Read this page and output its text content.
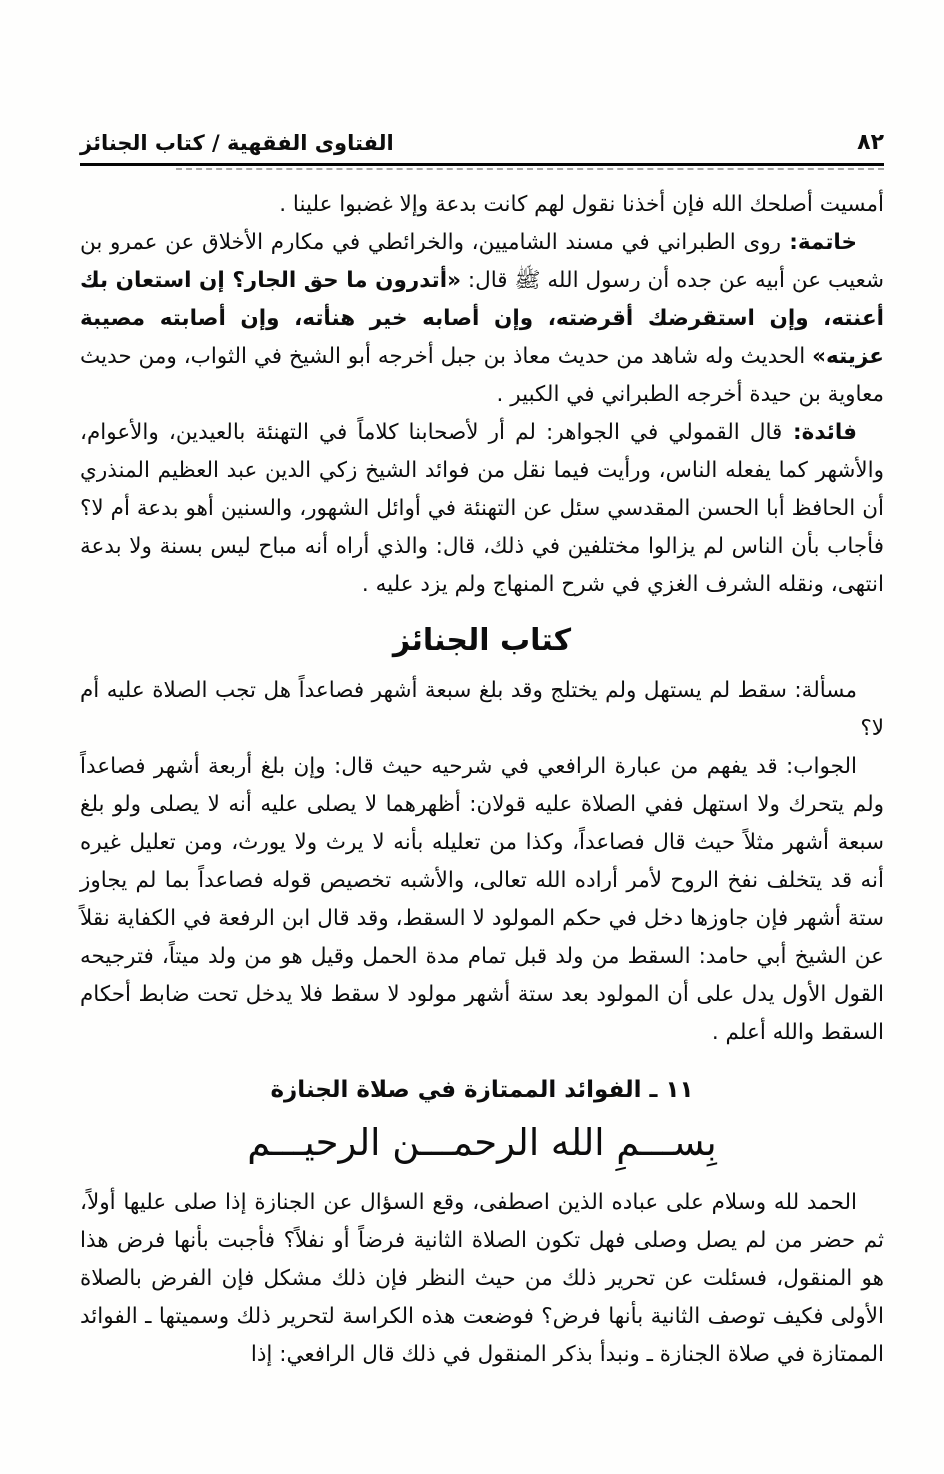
٨٢
الفتاوى الفقهية / كتاب الجنائز

أمسيت أصلحك الله فإن أخذنا نقول لهم كانت بدعة وإلا غضبوا علينا .

خاتمة: روى الطبراني في مسند الشاميين، والخرائطي في مكارم الأخلاق عن عمرو بن شعيب عن أبيه عن جده أن رسول الله ﷺ قال: «أتدرون ما حق الجار؟ إن استعان بك أعنته، وإن استقرضك أقرضته، وإن أصابه خير هنأته، وإن أصابته مصيبة عزيته» الحديث وله شاهد من حديث معاذ بن جبل أخرجه أبو الشيخ في الثواب، ومن حديث معاوية بن حيدة أخرجه الطبراني في الكبير .

فائدة: قال القمولي في الجواهر: لم أر لأصحابنا كلاماً في التهنئة بالعيدين، والأعوام، والأشهر كما يفعله الناس، ورأيت فيما نقل من فوائد الشيخ زكي الدين عبد العظيم المنذري أن الحافظ أبا الحسن المقدسي سئل عن التهنئة في أوائل الشهور، والسنين أهو بدعة أم لا؟ فأجاب بأن الناس لم يزالوا مختلفين في ذلك، قال: والذي أراه أنه مباح ليس بسنة ولا بدعة انتهى، ونقله الشرف الغزي في شرح المنهاج ولم يزد عليه .

كتاب الجنائز

مسألة: سقط لم يستهل ولم يختلج وقد بلغ سبعة أشهر فصاعداً هل تجب الصلاة عليه أم لا؟

الجواب: قد يفهم من عبارة الرافعي في شرحيه حيث قال: وإن بلغ أربعة أشهر فصاعداً ولم يتحرك ولا استهل ففي الصلاة عليه قولان: أظهرهما لا يصلى عليه أنه لا يصلى ولو بلغ سبعة أشهر مثلاً حيث قال فصاعداً، وكذا من تعليله بأنه لا يرث ولا يورث، ومن تعليل غيره أنه قد يتخلف نفخ الروح لأمر أراده الله تعالى، والأشبه تخصيص قوله فصاعداً بما لم يجاوز ستة أشهر فإن جاوزها دخل في حكم المولود لا السقط، وقد قال ابن الرفعة في الكفاية نقلاً عن الشيخ أبي حامد: السقط من ولد قبل تمام مدة الحمل وقيل هو من ولد ميتاً، فترجيحه القول الأول يدل على أن المولود بعد ستة أشهر مولود لا سقط فلا يدخل تحت ضابط أحكام السقط والله أعلم .

١١ ـ الفوائد الممتازة في صلاة الجنازة
بِســـمِ الله الرحمـــن الرحيـــم

الحمد لله وسلام على عباده الذين اصطفى، وقع السؤال عن الجنازة إذا صلى عليها أولاً، ثم حضر من لم يصل وصلى فهل تكون الصلاة الثانية فرضاً أو نفلاً؟ فأجبت بأنها فرض هذا هو المنقول، فسئلت عن تحرير ذلك من حيث النظر فإن ذلك مشكل فإن الفرض بالصلاة الأولى فكيف توصف الثانية بأنها فرض؟ فوضعت هذه الكراسة لتحرير ذلك وسميتها ـ الفوائد الممتازة في صلاة الجنازة ـ ونبدأ بذكر المنقول في ذلك قال الرافعي: إذا
